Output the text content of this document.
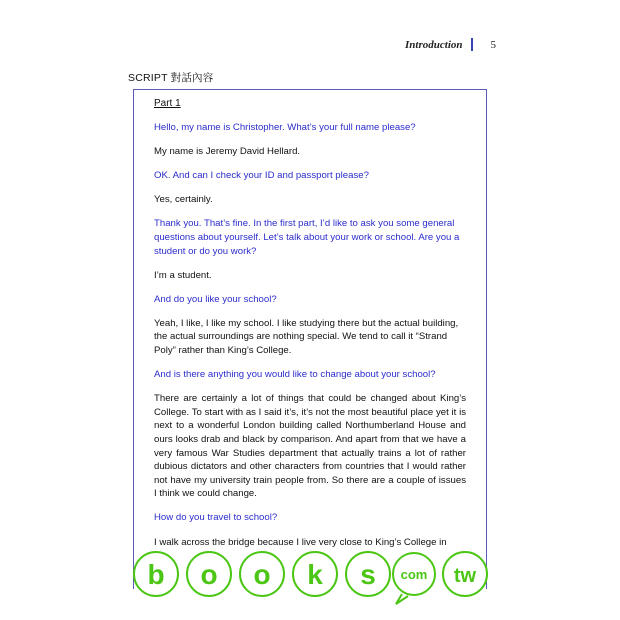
Introduction	5
SCRIPT 對話內容

Part 1

Hello, my name is Christopher. What’s your full name please?

My name is Jeremy David Hellard.

OK. And can I check your ID and passport please?

Yes, certainly.

Thank you. That’s fine. In the first part, I’d like to ask you some general questions about yourself. Let’s talk about your work or school. Are you a student or do you work?

I’m a student.

And do you like your school?

Yeah, I like, I like my school. I like studying there but the actual building, the actual surroundings are nothing special. We tend to call it “Strand Poly” rather than King’s College.

And is there anything you would like to change about your school?

There are certainly a lot of things that could be changed about King’s College. To start with as I said it’s, it’s not the most beautiful place yet it is next to a wonderful London building called Northumberland House and ours looks drab and black by comparison. And apart from that we have a very famous War Studies department that actually trains a lot of rather dubious dictators and other characters from countries that I would rather not have my university train people from. So there are a couple of issues I think we could change.

How do you travel to school?

I walk across the bridge because I live very close to King’s College in

b o o k s com tw
